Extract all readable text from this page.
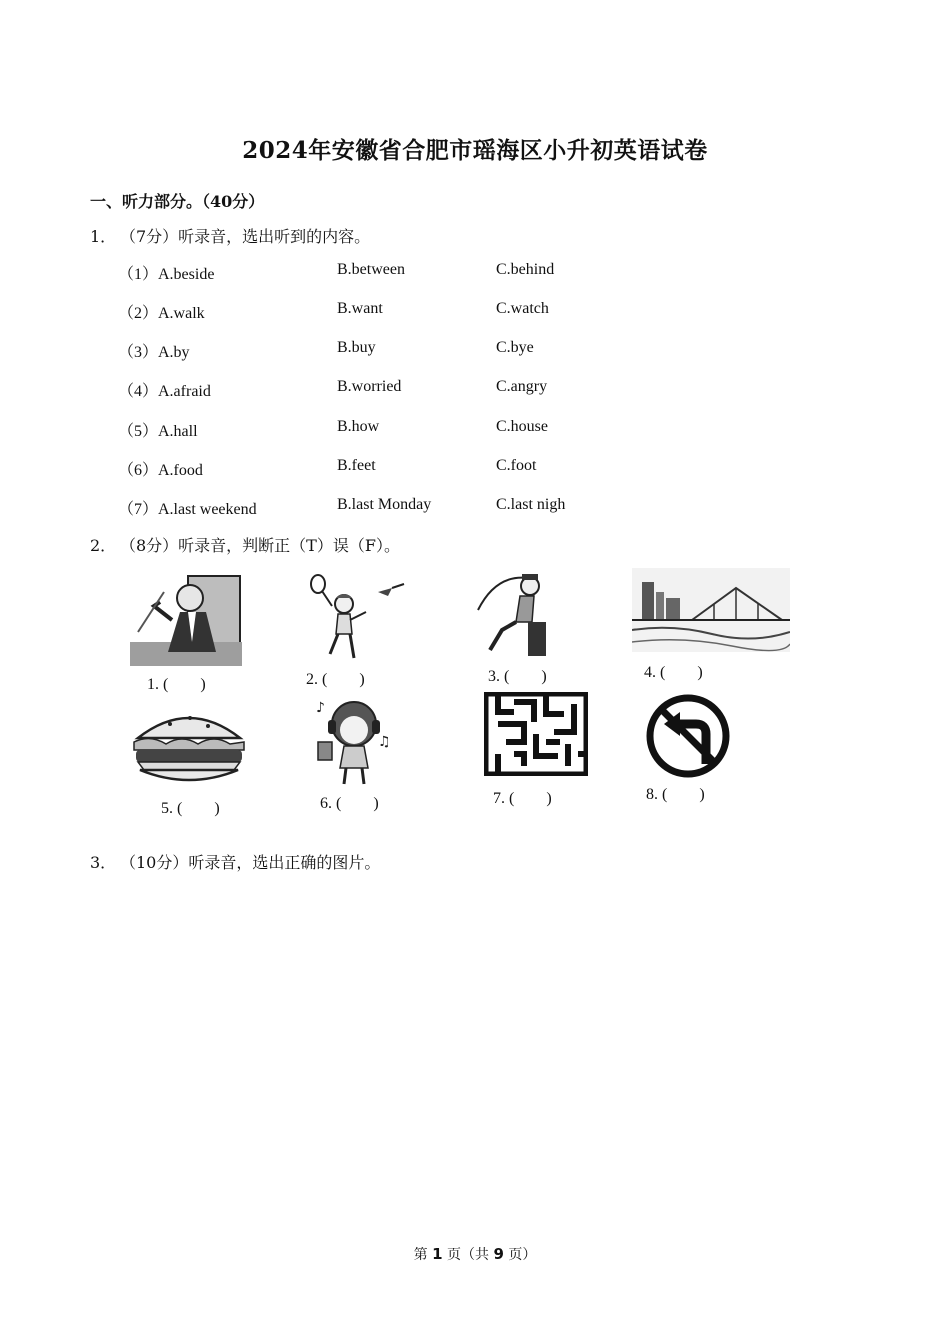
2024年安徽省合肥市瑶海区小升初英语试卷
一、听力部分。（40分）
1． （7分）听录音，选出听到的内容。
（1）A.beside	B.between	C.behind
（2）A.walk	B.want	C.watch
（3）A.by	B.buy	C.bye
（4）A.afraid	B.worried	C.angry
（5）A.hall	B.how	C.house
（6）A.food	B.feet	C.foot
（7）A.last weekend	B.last Monday	C.last nigh
2． （8分）听录音，判断正（T）误（F）。
1. (        )	2. (        )	3. (        )	4. (        )
5. (        )
♪
♫
6. (        )	7. (        )	8. (        )
3． （10分）听录音，选出正确的图片。
第 1 页（共 9 页）
